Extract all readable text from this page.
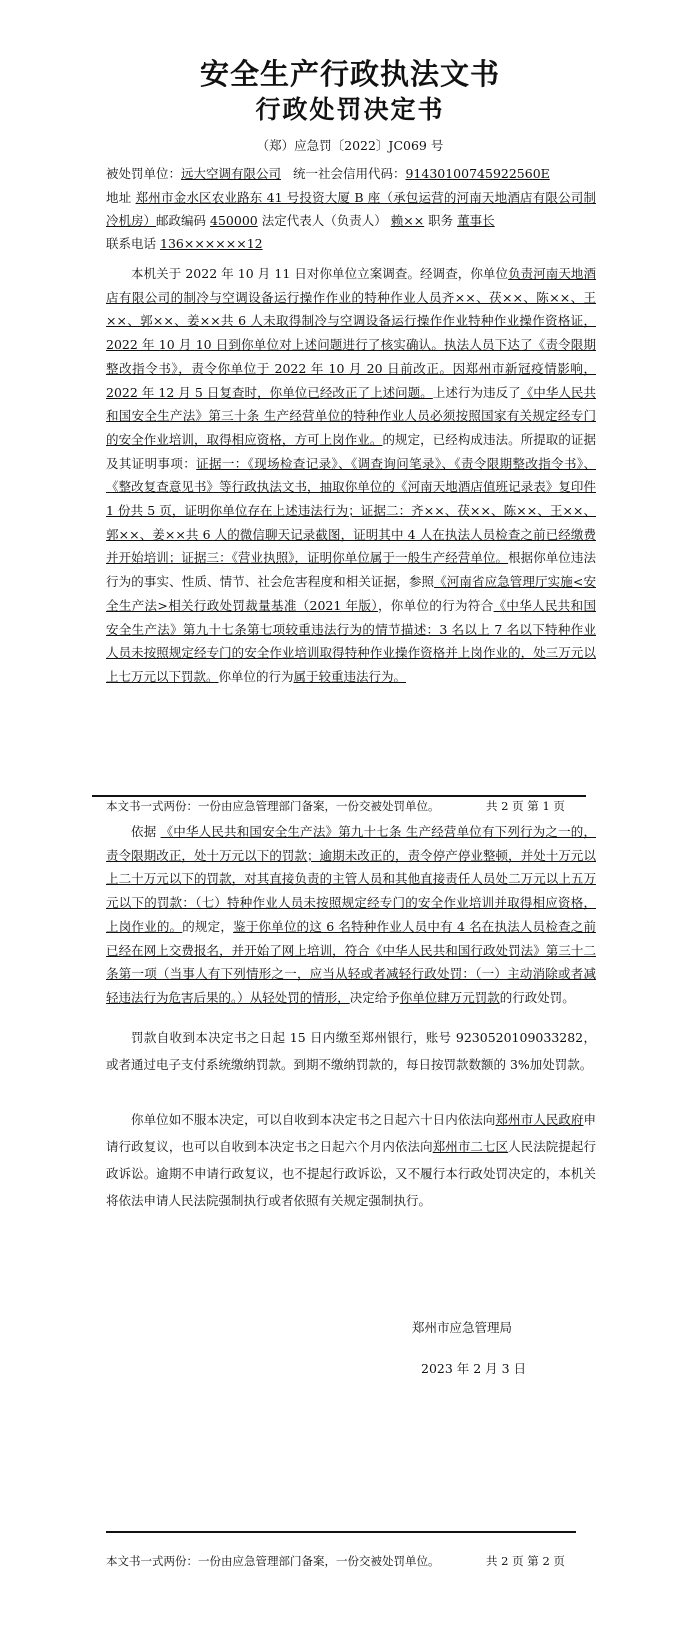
安全生产行政执法文书
行政处罚决定书
（郑）应急罚〔2022〕JC069 号
被处罚单位：远大空调有限公司 统一社会信用代码：91430100745922560E
地址 郑州市金水区农业路东 41 号投资大厦 B 座（承包运营的河南天地酒店有限公司制冷机房）邮政编码 450000 法定代表人（负责人） 赖×× 职务 董事长
联系电话 136××××××12

本机关于 2022 年 10 月 11 日对你单位立案调查。经调查，你单位负责河南天地酒店有限公司的制冷与空调设备运行操作作业的特种作业人员齐××、茯××、陈××、王××、郭××、姜××共 6 人未取得制冷与空调设备运行操作作业特种作业操作资格证，2022 年 10 月 10 日到你单位对上述问题进行了核实确认。执法人员下达了《责令限期整改指令书》，责令你单位于 2022 年 10 月 20 日前改正。因郑州市新冠疫情影响，2022 年 12 月 5 日复查时，你单位已经改正了上述问题。上述行为违反了《中华人民共和国安全生产法》第三十条 生产经营单位的特种作业人员必须按照国家有关规定经专门的安全作业培训，取得相应资格，方可上岗作业。的规定，已经构成违法。所提取的证据及其证明事项：证据一：《现场检查记录》、《调查询问笔录》、《责令限期整改指令书》、《整改复查意见书》等行政执法文书，抽取你单位的《河南天地酒店值班记录表》复印件 1 份共 5 页，证明你单位存在上述违法行为；证据二：齐××、茯××、陈××、王××、郭××、姜××共 6 人的微信聊天记录截图，证明其中 4 人在执法人员检查之前已经缴费并开始培训；证据三：《营业执照》，证明你单位属于一般生产经营单位。根据你单位违法行为的事实、性质、情节、社会危害程度和相关证据，参照《河南省应急管理厅实施<安全生产法>相关行政处罚裁量基准（2021 年版），你单位的行为符合《中华人民共和国安全生产法》第九十七条第七项较重违法行为的情节描述：3 名以上 7 名以下特种作业人员未按照规定经专门的安全作业培训取得特种作业操作资格并上岗作业的，处三万元以上七万元以下罚款。你单位的行为属于较重违法行为。

本文书一式两份：一份由应急管理部门备案，一份交被处罚单位。	共 2 页 第 1 页

依据 《中华人民共和国安全生产法》第九十七条 生产经营单位有下列行为之一的，责令限期改正，处十万元以下的罚款；逾期未改正的，责令停产停业整顿，并处十万元以上二十万元以下的罚款，对其直接负责的主管人员和其他直接责任人员处二万元以上五万元以下的罚款：（七）特种作业人员未按照规定经专门的安全作业培训并取得相应资格，上岗作业的。的规定，鉴于你单位的这 6 名特种作业人员中有 4 名在执法人员检查之前已经在网上交费报名，并开始了网上培训，符合《中华人民共和国行政处罚法》第三十二条第一项（当事人有下列情形之一，应当从轻或者减轻行政处罚：（一）主动消除或者减轻违法行为危害后果的。）从轻处罚的情形，决定给予你单位肆万元罚款的行政处罚。

罚款自收到本决定书之日起 15 日内缴至郑州银行，账号 9230520109033282，或者通过电子支付系统缴纳罚款。到期不缴纳罚款的，每日按罚款数额的 3%加处罚款。

你单位如不服本决定，可以自收到本决定书之日起六十日内依法向郑州市人民政府申请行政复议，也可以自收到本决定书之日起六个月内依法向郑州市二七区人民法院提起行政诉讼。逾期不申请行政复议，也不提起行政诉讼，又不履行本行政处罚决定的，本机关将依法申请人民法院强制执行或者依照有关规定强制执行。

郑州市应急管理局
2023 年 2 月 3 日
本文书一式两份：一份由应急管理部门备案，一份交被处罚单位。	共 2 页 第 2 页
